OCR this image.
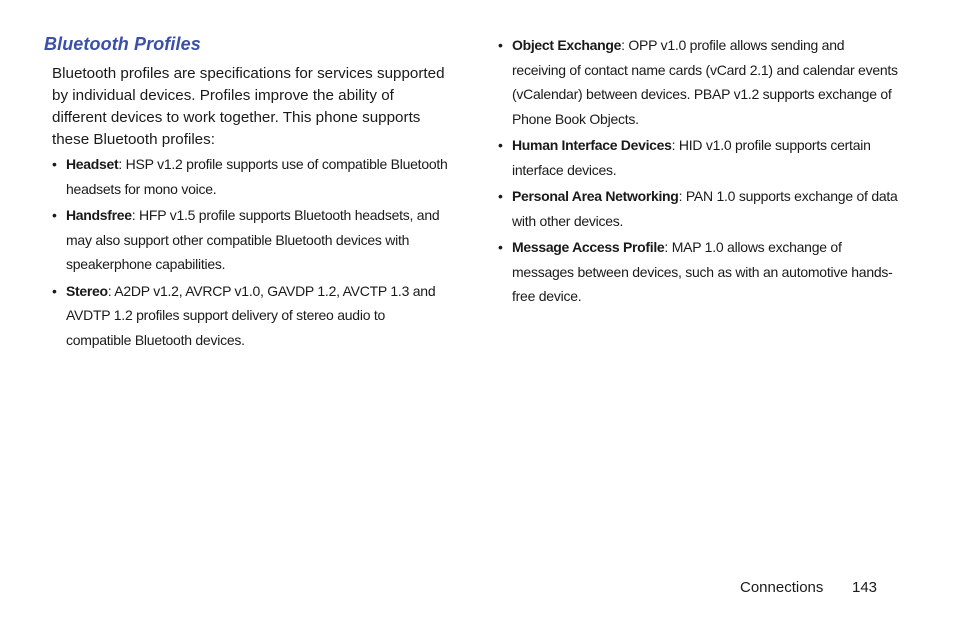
Bluetooth Profiles

Bluetooth profiles are specifications for services supported by individual devices. Profiles improve the ability of different devices to work together. This phone supports these Bluetooth profiles:

• Headset: HSP v1.2 profile supports use of compatible Bluetooth headsets for mono voice.
• Handsfree: HFP v1.5 profile supports Bluetooth headsets, and may also support other compatible Bluetooth devices with speakerphone capabilities.
• Stereo: A2DP v1.2, AVRCP v1.0, GAVDP 1.2, AVCTP 1.3 and AVDTP 1.2 profiles support delivery of stereo audio to compatible Bluetooth devices.
• Object Exchange: OPP v1.0 profile allows sending and receiving of contact name cards (vCard 2.1) and calendar events (vCalendar) between devices. PBAP v1.2 supports exchange of Phone Book Objects.
• Human Interface Devices: HID v1.0 profile supports certain interface devices.
• Personal Area Networking: PAN 1.0 supports exchange of data with other devices.
• Message Access Profile: MAP 1.0 allows exchange of messages between devices, such as with an automotive hands-free device.
Connections 143
